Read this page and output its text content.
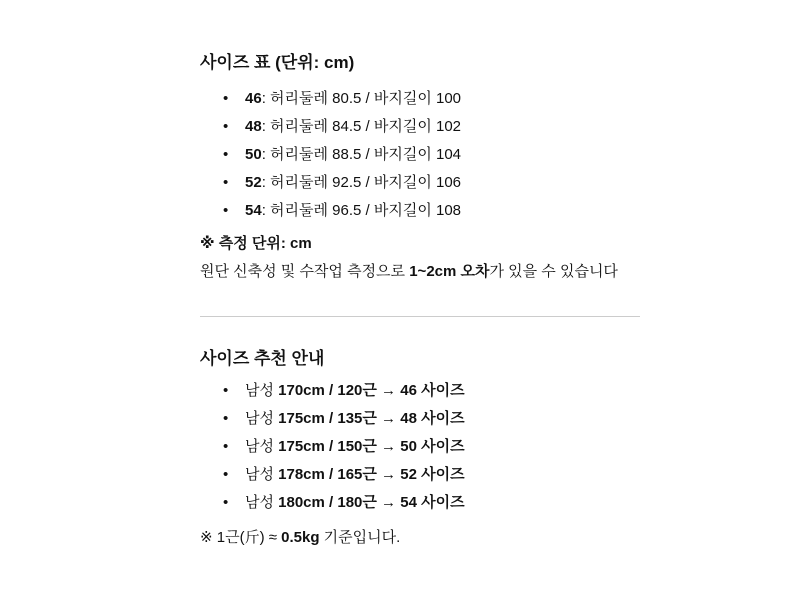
사이즈 표 (단위: cm)
• 46: 허리둘레 80.5 / 바지길이 100
• 48: 허리둘레 84.5 / 바지길이 102
• 50: 허리둘레 88.5 / 바지길이 104
• 52: 허리둘레 92.5 / 바지길이 106
• 54: 허리둘레 96.5 / 바지길이 108

※ 측정 단위: cm

원단 신축성 및 수작업 측정으로 1~2cm 오차가 있을 수 있습니다

사이즈 추천 안내
• 남성 170cm / 120근 → 46 사이즈
• 남성 175cm / 135근 → 48 사이즈
• 남성 175cm / 150근 → 50 사이즈
• 남성 178cm / 165근 → 52 사이즈
• 남성 180cm / 180근 → 54 사이즈

※ 1근(斤) ≈ 0.5kg 기준입니다.
